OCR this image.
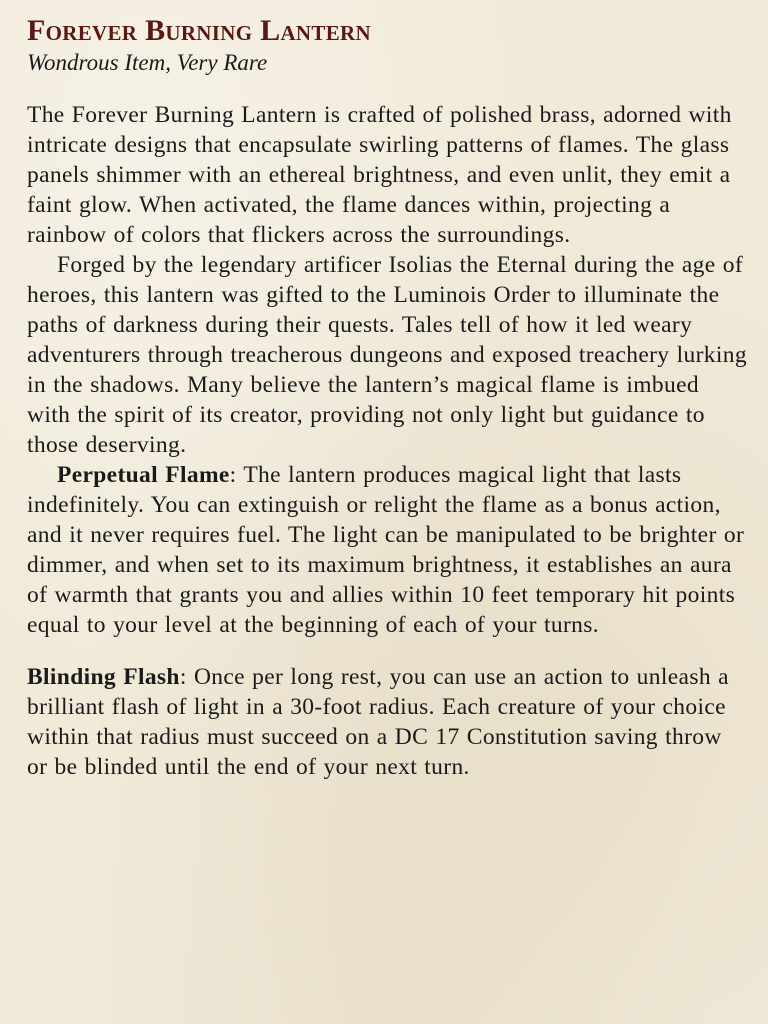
Forever Burning Lantern

Wondrous Item, Very Rare

The Forever Burning Lantern is crafted of polished brass, adorned with intricate designs that encapsulate swirling patterns of flames. The glass panels shimmer with an ethereal brightness, and even unlit, they emit a faint glow. When activated, the flame dances within, projecting a rainbow of colors that flickers across the surroundings.

Forged by the legendary artificer Isolias the Eternal during the age of heroes, this lantern was gifted to the Luminois Order to illuminate the paths of darkness during their quests. Tales tell of how it led weary adventurers through treacherous dungeons and exposed treachery lurking in the shadows. Many believe the lantern’s magical flame is imbued with the spirit of its creator, providing not only light but guidance to those deserving.

Perpetual Flame: The lantern produces magical light that lasts indefinitely. You can extinguish or relight the flame as a bonus action, and it never requires fuel. The light can be manipulated to be brighter or dimmer, and when set to its maximum brightness, it establishes an aura of warmth that grants you and allies within 10 feet temporary hit points equal to your level at the beginning of each of your turns.

Blinding Flash: Once per long rest, you can use an action to unleash a brilliant flash of light in a 30-foot radius. Each creature of your choice within that radius must succeed on a DC 17 Constitution saving throw or be blinded until the end of your next turn.
